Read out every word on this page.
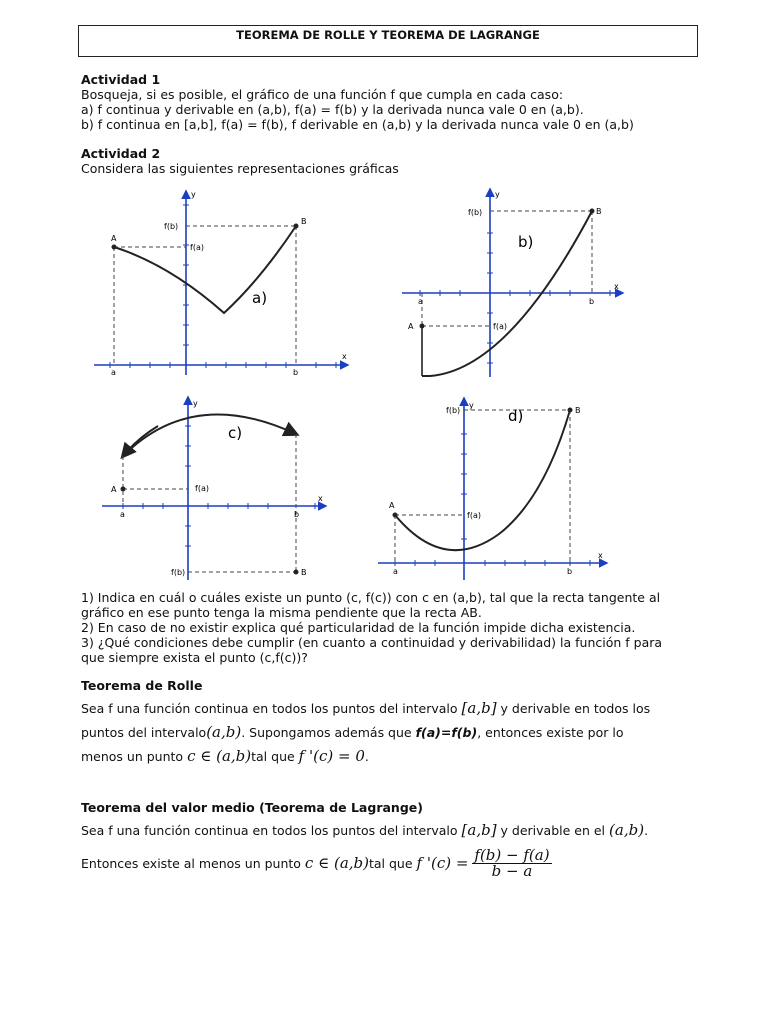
TEOREMA DE ROLLE Y TEOREMA DE LAGRANGE
Actividad 1
Bosqueja, si es posible, el gráfico de una función f que cumpla en cada caso:
a) f continua y derivable en (a,b), f(a) = f(b) y la derivada nunca vale 0 en (a,b).
b) f continua en [a,b], f(a) = f(b), f derivable en (a,b) y la derivada nunca vale 0 en (a,b)
Actividad 2
Considera las siguientes representaciones gráficas
A
B
f(a)
f(b)
a	b
x
y
a)
A
B
f(a)
f(b)
a	b
x
y
b)
A
B
f(a)
f(b)
a	b
x
y
c)
A
B
f(a)
f(b)
a	b
x
y
d)
1) Indica en cuál o cuáles existe un punto (c, f(c)) con c en (a,b), tal que la recta tangente al
gráfico en ese punto tenga la misma pendiente que la recta AB.
2) En caso de no existir explica qué particularidad de la función impide dicha existencia.
3) ¿Qué condiciones debe cumplir (en cuanto a continuidad y derivabilidad) la función f para
que siempre exista el punto (c,f(c))?
Teorema de Rolle
Sea f una función continua en todos los puntos del intervalo [a,b] y derivable en todos los
puntos del intervalo(a,b). Supongamos además que f(a)=f(b), entonces existe por lo
menos un punto c ∈ (a,b)tal que f '(c) = 0.
Teorema del valor medio (Teorema de Lagrange)
Sea f una función continua en todos los puntos del intervalo [a,b] y derivable en el (a,b).
Entonces existe al menos un punto
c ∈ (a,b) tal que
f '(c) =
$\frac{f(b) - f(a)}{b - a}$
